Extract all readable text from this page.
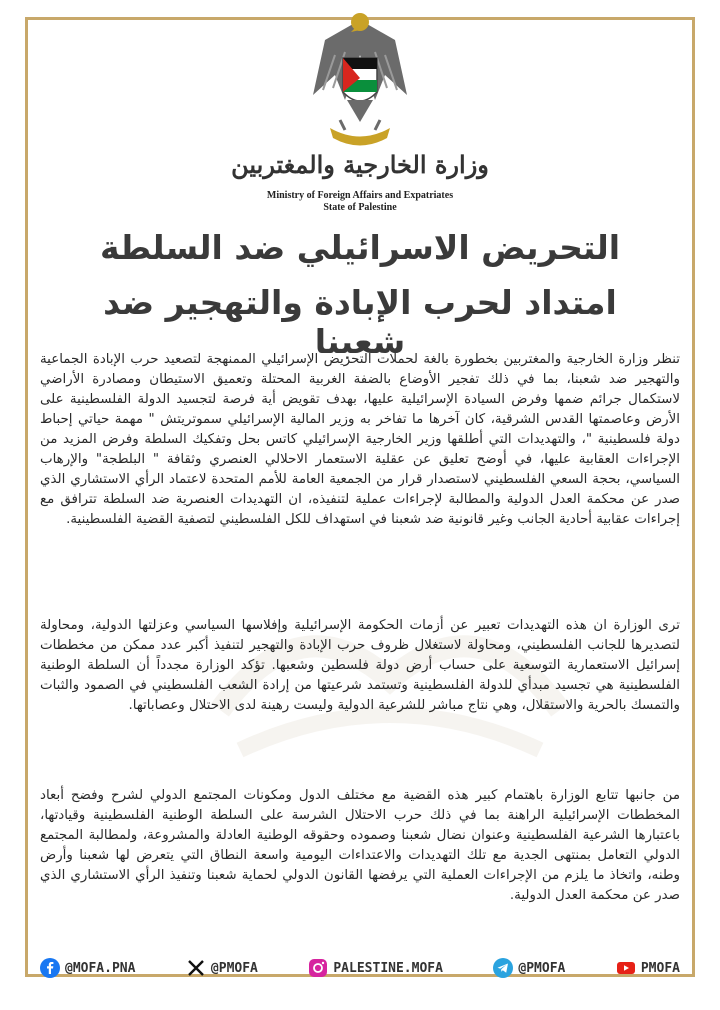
وزارة الخارجية والمغتربين
Ministry of Foreign Affairs and Expatriates
State of Palestine
التحريض الاسرائيلي ضد السلطة
امتداد لحرب الإبادة والتهجير ضد شعبنا
تنظر وزارة الخارجية والمغتربين بخطورة بالغة لحملات التحريض الإسرائيلي الممنهجة لتصعيد حرب الإبادة الجماعية والتهجير ضد شعبنا، بما في ذلك تفجير الأوضاع بالضفة الغربية المحتلة وتعميق الاستيطان ومصادرة الأراضي لاستكمال جرائم ضمها وفرض السيادة الإسرائيلية عليها، بهدف تقويض أية فرصة لتجسيد الدولة الفلسطينية على الأرض وعاصمتها القدس الشرقية، كان آخرها ما تفاخر به وزير المالية الإسرائيلي سموتريتش " مهمة حياتي إحباط دولة فلسطينية "، والتهديدات التي أطلقها وزير الخارجية الإسرائيلي كاتس بحل وتفكيك السلطة وفرض المزيد من الإجراءات العقابية عليها، في أوضح تعليق عن عقلية الاستعمار الاحلالي العنصري وثقافة " البلطجة" والإرهاب السياسي، بحجة السعي الفلسطيني لاستصدار قرار من الجمعية العامة للأمم المتحدة لاعتماد الرأي الاستشاري الذي صدر عن محكمة العدل الدولية والمطالبة لإجراءات عملية لتنفيذه، ان التهديدات العنصرية ضد السلطة تترافق مع إجراءات عقابية أحادية الجانب وغير قانونية ضد شعبنا في استهداف للكل الفلسطيني لتصفية القضية الفلسطينية.
ترى الوزارة ان هذه التهديدات تعبير عن أزمات الحكومة الإسرائيلية وإفلاسها السياسي وعزلتها الدولية، ومحاولة لتصديرها للجانب الفلسطيني، ومحاولة لاستغلال ظروف حرب الإبادة والتهجير لتنفيذ أكبر عدد ممكن من مخططات إسرائيل الاستعمارية التوسعية على حساب أرض دولة فلسطين وشعبها. تؤكد الوزارة مجدداً أن السلطة الوطنية الفلسطينية هي تجسيد مبدأي للدولة الفلسطينية وتستمد شرعيتها من إرادة الشعب الفلسطيني في الصمود والثبات والتمسك بالحرية والاستقلال، وهي نتاج مباشر للشرعية الدولية وليست رهينة لدى الاحتلال وعصاباتها.
من جانبها تتابع الوزارة باهتمام كبير هذه القضية مع مختلف الدول ومكونات المجتمع الدولي لشرح وفضح أبعاد المخططات الإسرائيلية الراهنة بما في ذلك حرب الاحتلال الشرسة على السلطة الوطنية الفلسطينية وقيادتها، باعتبارها الشرعية الفلسطينية وعنوان نضال شعبنا وصموده وحقوقه الوطنية العادلة والمشروعة، ولمطالبة المجتمع الدولي التعامل بمنتهى الجدية مع تلك التهديدات والاعتداءات اليومية واسعة النطاق التي يتعرض لها شعبنا وأرض وطنه، واتخاذ ما يلزم من الإجراءات العملية التي يرفضها القانون الدولي لحماية شعبنا وتنفيذ الرأي الاستشاري الذي صدر عن محكمة العدل الدولية.
@MOFA.PNA	@PMOFA	PALESTINE.MOFA	@PMOFA	PMOFA
